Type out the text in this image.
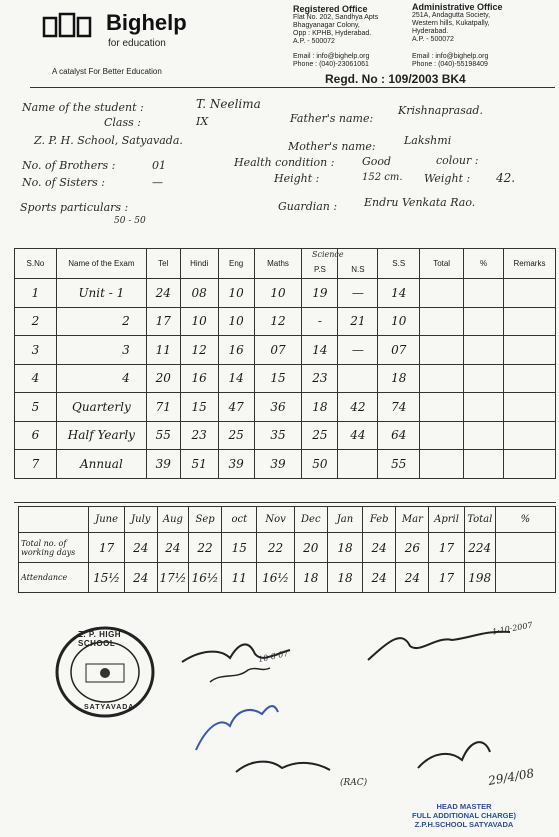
Bighelp
for education
A catalyst For Better Education
Registered Office
Flat No. 202, Sandhya Apts
Bhagyanagar Colony,
Opp : KPHB, Hyderabad.
A.P. - 500072
Email : info@bighelp.org
Phone : (040)-23061061
Administrative Office
251A, Andagutta Society,
Western hills, Kukatpally,
Hyderabad.
A.P. - 500072
Email : info@bighelp.org
Phone : (040)-55198409
Regd. No : 109/2003 BK4
Name of the student :	T. Neelima
Class :	IX
Z. P. H. School, Satyavada.
Father's name:
Krishnaprasad.
Mother's name:	Lakshmi
No. of Brothers :	01
No. of Sisters :	—
Health condition :	Good	colour :
Height :	152 cm. Weight : 42.
Sports particulars :
50 - 50
Guardian : Endru Venkata Rao.
Science
S.No	Name of the Exam	Tel	Hindi	Eng	Maths	P.S	N.S	S.S	Total	%	Remarks
1	Unit - 1	24	08	10	10	19	—	14			
2	2	17	10	10	12	-	21	10			
3	3	11	12	16	07	14	—	07			
4	4	20	16	14	15	23		18			
5	Quarterly	71	15	47	36	18	42	74			
6	Half Yearly	55	23	25	35	25	44	64			
7	Annual	39	51	39	39	50		55			
	June	July	Aug	Sep	oct	Nov	Dec	Jan	Feb	Mar	April	Total	%
Total no. of working days	17	24	24	22	15	22	20	18	24	26	17	224	
Attendance	15½	24	17½	16½	11	16½	18	18	24	24	17	198	
Z. P. HIGH SCHOOL
SATYAVADA
10·6·07
1·10·2007
29/4/08
(RAC)
HEAD MASTER
FULL ADDITIONAL CHARGE)
Z.P.H.SCHOOL SATYAVADA
